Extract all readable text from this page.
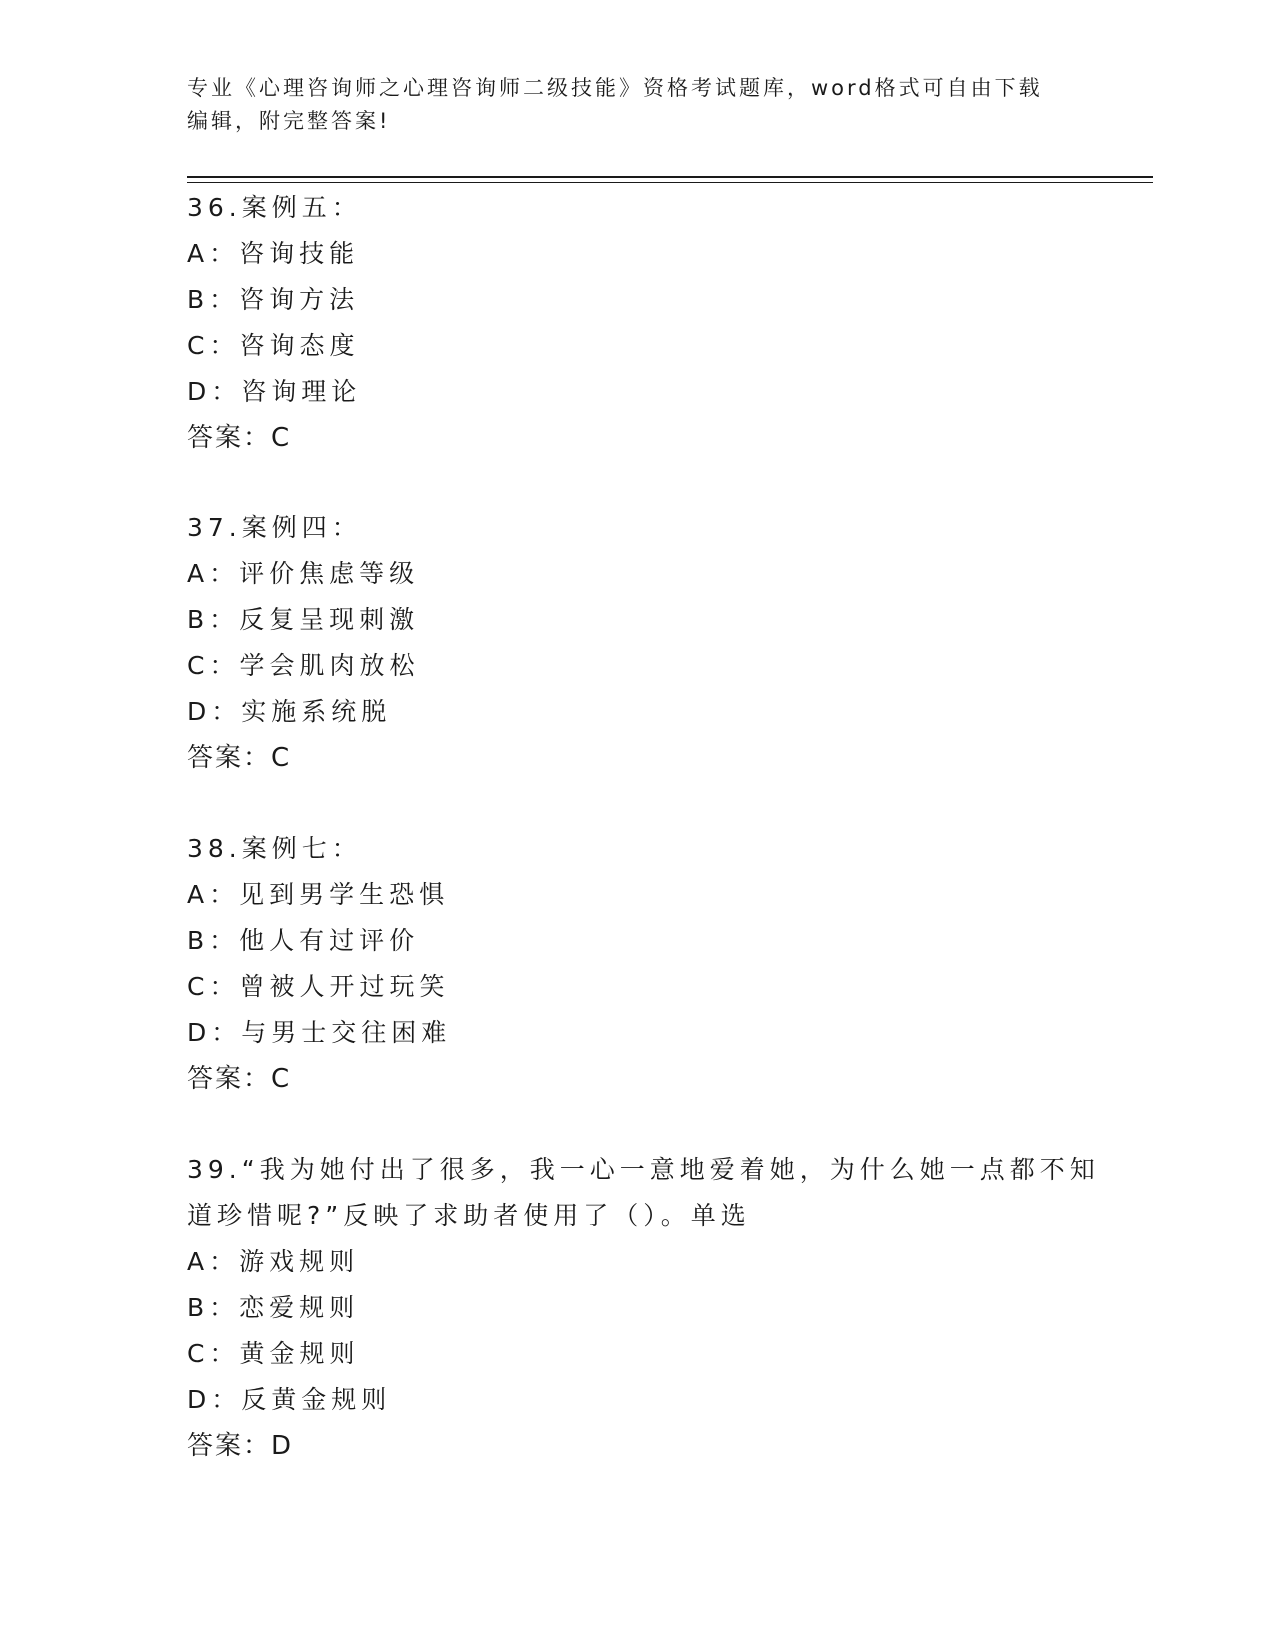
专业《心理咨询师之心理咨询师二级技能》资格考试题库，word格式可自由下载
编辑，附完整答案!
36.案例五：
A：咨询技能
B：咨询方法
C：咨询态度
D：咨询理论
答案：C
37.案例四：
A：评价焦虑等级
B：反复呈现刺激
C：学会肌肉放松
D：实施系统脱
答案：C
38.案例七：
A：见到男学生恐惧
B：他人有过评价
C：曾被人开过玩笑
D：与男士交往困难
答案：C
39.“我为她付出了很多，我一心一意地爱着她，为什么她一点都不知
道珍惜呢?”反映了求助者使用了（）。单选
A：游戏规则
B：恋爱规则
C：黄金规则
D：反黄金规则
答案：D
